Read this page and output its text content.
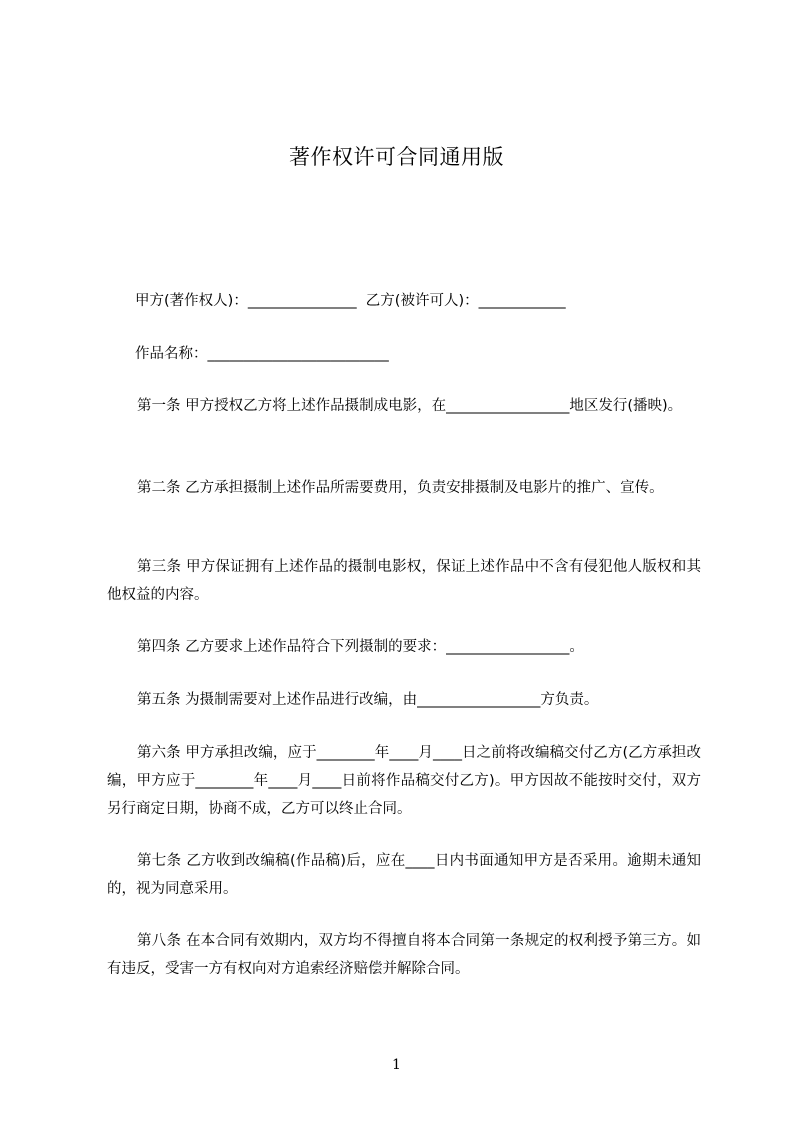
著作权许可合同通用版
甲方(著作权人)：_______________  乙方(被许可人)：____________
作品名称：_________________________

第一条 甲方授权乙方将上述作品摄制成电影，在_________________地区发行(播映)。

第二条 乙方承担摄制上述作品所需要费用，负责安排摄制及电影片的推广、宣传。

第三条 甲方保证拥有上述作品的摄制电影权，保证上述作品中不含有侵犯他人版权和其他权益的内容。

第四条 乙方要求上述作品符合下列摄制的要求：_________________。

第五条 为摄制需要对上述作品进行改编，由_________________方负责。

第六条 甲方承担改编，应于________年____月____日之前将改编稿交付乙方(乙方承担改编，甲方应于________年____月____日前将作品稿交付乙方)。甲方因故不能按时交付，双方另行商定日期，协商不成，乙方可以终止合同。

第七条 乙方收到改编稿(作品稿)后，应在____日内书面通知甲方是否采用。逾期未通知的，视为同意采用。

第八条 在本合同有效期内，双方均不得擅自将本合同第一条规定的权利授予第三方。如有违反，受害一方有权向对方追索经济赔偿并解除合同。

1
